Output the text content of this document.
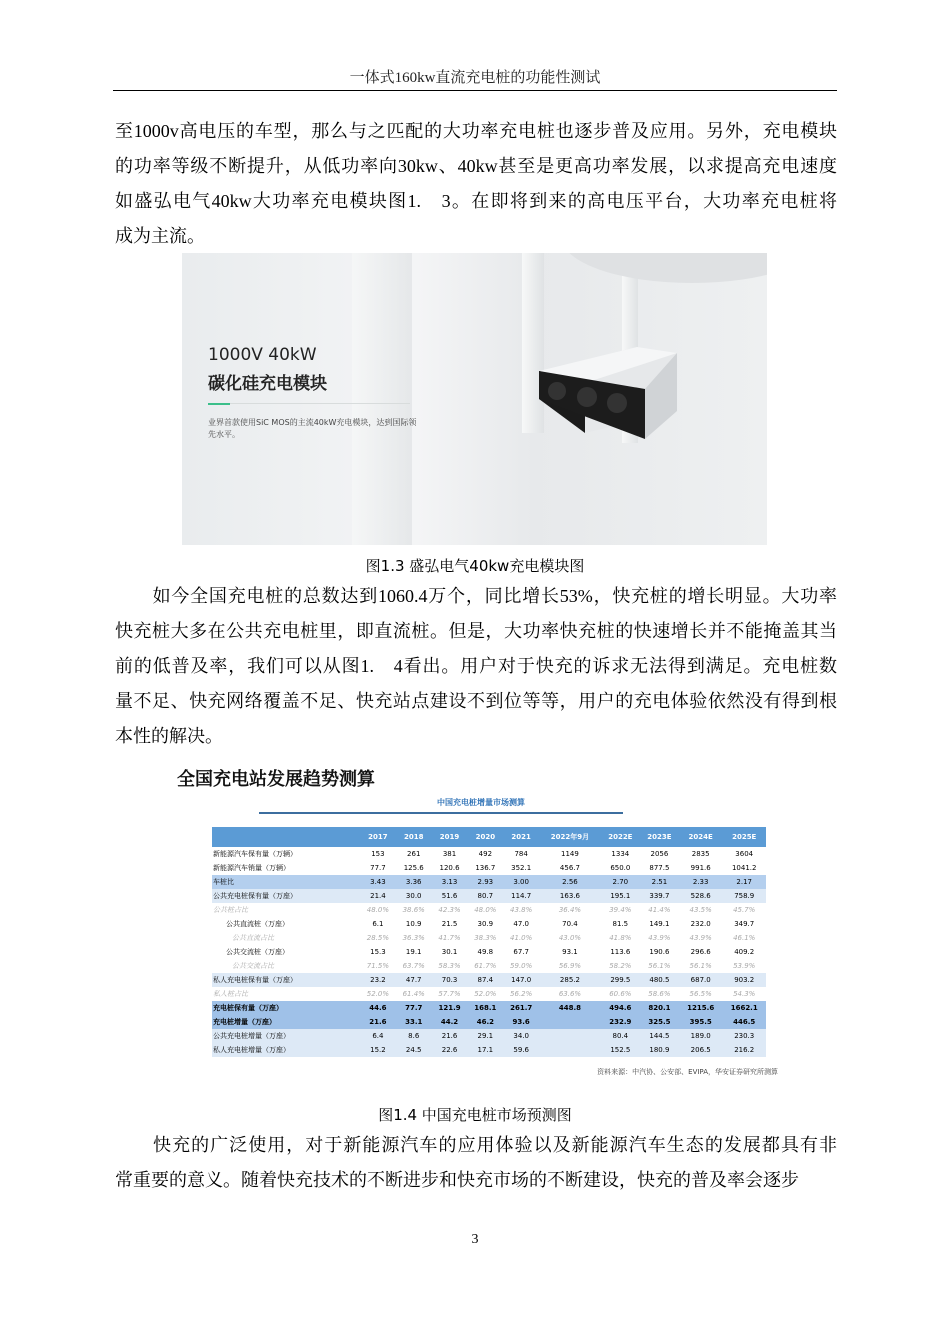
一体式160kw直流充电桩的功能性测试
至1000v高电压的车型，那么与之匹配的大功率充电桩也逐步普及应用。另外，充电模块
的功率等级不断提升，从低功率向30kw、40kw甚至是更高功率发展，以求提高充电速度
如盛弘电气40kw大功率充电模块图1.　3。在即将到来的高电压平台，大功率充电桩将
成为主流。
1000V 40kW
碳化硅充电模块
业界首款使用SiC MOS的主流40kW充电模块，达到国际领先水平。
图1.3 盛弘电气40kw充电模块图
　　如今全国充电桩的总数达到1060.4万个，同比增长53%，快充桩的增长明显。大功率
快充桩大多在公共充电桩里，即直流桩。但是，大功率快充桩的快速增长并不能掩盖其当
前的低普及率，我们可以从图1.　4看出。用户对于快充的诉求无法得到满足。充电桩数
量不足、快充网络覆盖不足、快充站点建设不到位等等，用户的充电体验依然没有得到根
本性的解决。
全国充电站发展趋势测算
中国充电桩增量市场测算
	2017	2018	2019	2020	2021	2022年9月	2022E	2023E	2024E	2025E
新能源汽车保有量（万辆）	153	261	381	492	784	1149	1334	2056	2835	3604
新能源汽车销量（万辆）	77.7	125.6	120.6	136.7	352.1	456.7	650.0	877.5	991.6	1041.2
车桩比	3.43	3.36	3.13	2.93	3.00	2.56	2.70	2.51	2.33	2.17
公共充电桩保有量（万座）	21.4	30.0	51.6	80.7	114.7	163.6	195.1	339.7	528.6	758.9
公共桩占比	48.0%	38.6%	42.3%	48.0%	43.8%	36.4%	39.4%	41.4%	43.5%	45.7%
公共直流桩（万座）	6.1	10.9	21.5	30.9	47.0	70.4	81.5	149.1	232.0	349.7
公共直流占比	28.5%	36.3%	41.7%	38.3%	41.0%	43.0%	41.8%	43.9%	43.9%	46.1%
公共交流桩（万座）	15.3	19.1	30.1	49.8	67.7	93.1	113.6	190.6	296.6	409.2
公共交流占比	71.5%	63.7%	58.3%	61.7%	59.0%	56.9%	58.2%	56.1%	56.1%	53.9%
私人充电桩保有量（万座）	23.2	47.7	70.3	87.4	147.0	285.2	299.5	480.5	687.0	903.2
私人桩占比	52.0%	61.4%	57.7%	52.0%	56.2%	63.6%	60.6%	58.6%	56.5%	54.3%
充电桩保有量（万座）	44.6	77.7	121.9	168.1	261.7	448.8	494.6	820.1	1215.6	1662.1
充电桩增量（万座）	21.6	33.1	44.2	46.2	93.6		232.9	325.5	395.5	446.5
公共充电桩增量（万座）	6.4	8.6	21.6	29.1	34.0		80.4	144.5	189.0	230.3
私人充电桩增量（万座）	15.2	24.5	22.6	17.1	59.6		152.5	180.9	206.5	216.2
资料来源：中汽协、公安部、EVIPA，华安证券研究所测算
图1.4 中国充电桩市场预测图
　　快充的广泛使用，对于新能源汽车的应用体验以及新能源汽车生态的发展都具有非
常重要的意义。随着快充技术的不断进步和快充市场的不断建设，快充的普及率会逐步
3
